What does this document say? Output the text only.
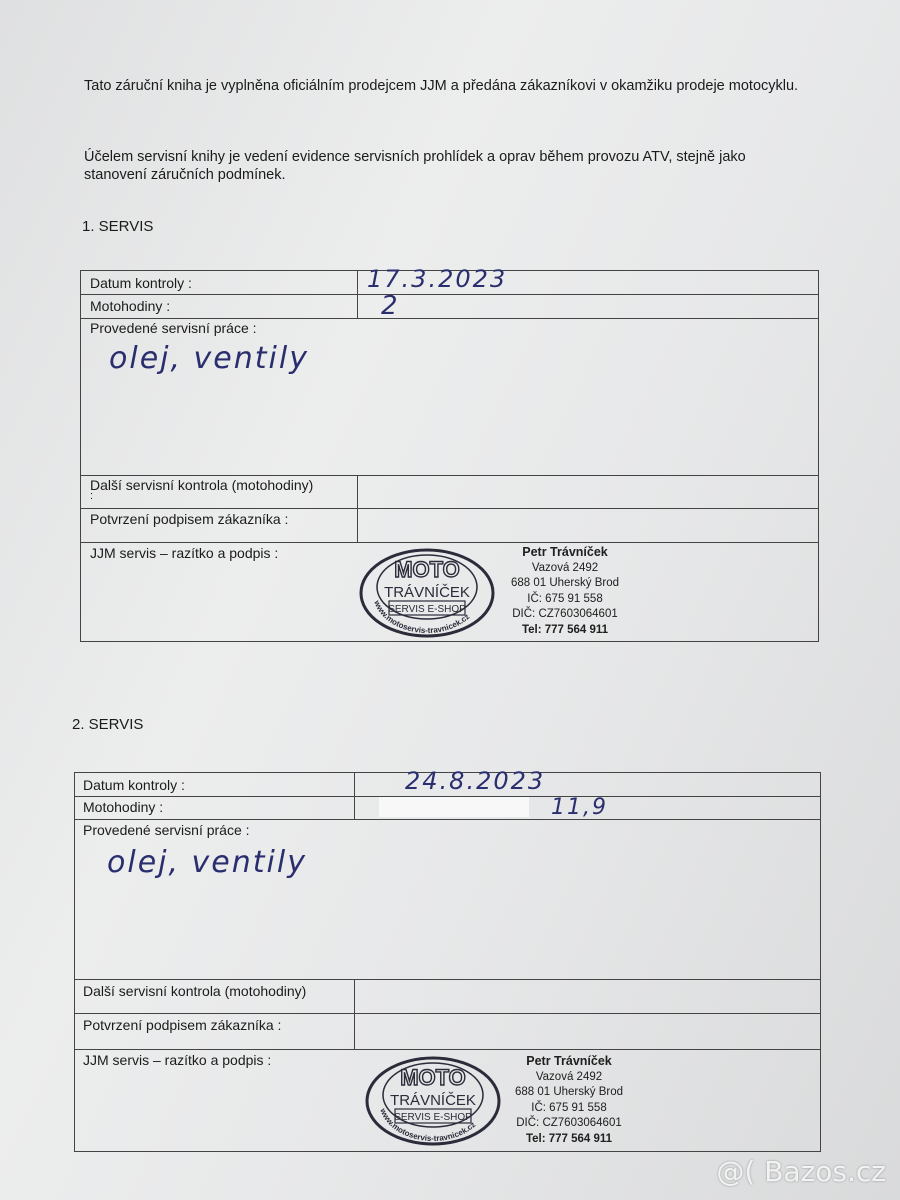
Tato záruční kniha je vyplněna oficiálním prodejcem JJM a předána zákazníkovi v okamžiku prodeje motocyklu.

Účelem servisní knihy je vedení evidence servisních prohlídek a oprav během provozu ATV, stejně jako stanovení záručních podmínek.

1. SERVIS
Datum kontroly :
Motohodiny :
Provedené servisní práce :
Další servisní kontrola (motohodiny)
:
Potvrzení podpisem zákazníka :
JJM servis – razítko a podpis :
17.3.2023
2
olej, ventily
MOTO
TRÁVNÍČEK
SERVIS E-SHOP
www.motoservis-travnicek.cz
Petr Trávníček
Vazová 2492
688 01 Uherský Brod
IČ: 675 91 558
DIČ: CZ7603064601
Tel: 777 564 911
2. SERVIS
Datum kontroly :
Motohodiny :
Provedené servisní práce :
Další servisní kontrola (motohodiny)
Potvrzení podpisem zákazníka :
JJM servis – razítko a podpis :
24.8.2023
11,9
olej, ventily
MOTO
TRÁVNÍČEK
SERVIS E-SHOP
www.motoservis-travnicek.cz
Petr Trávníček
Vazová 2492
688 01 Uherský Brod
IČ: 675 91 558
DIČ: CZ7603064601
Tel: 777 564 911
@( Bazos.cz
